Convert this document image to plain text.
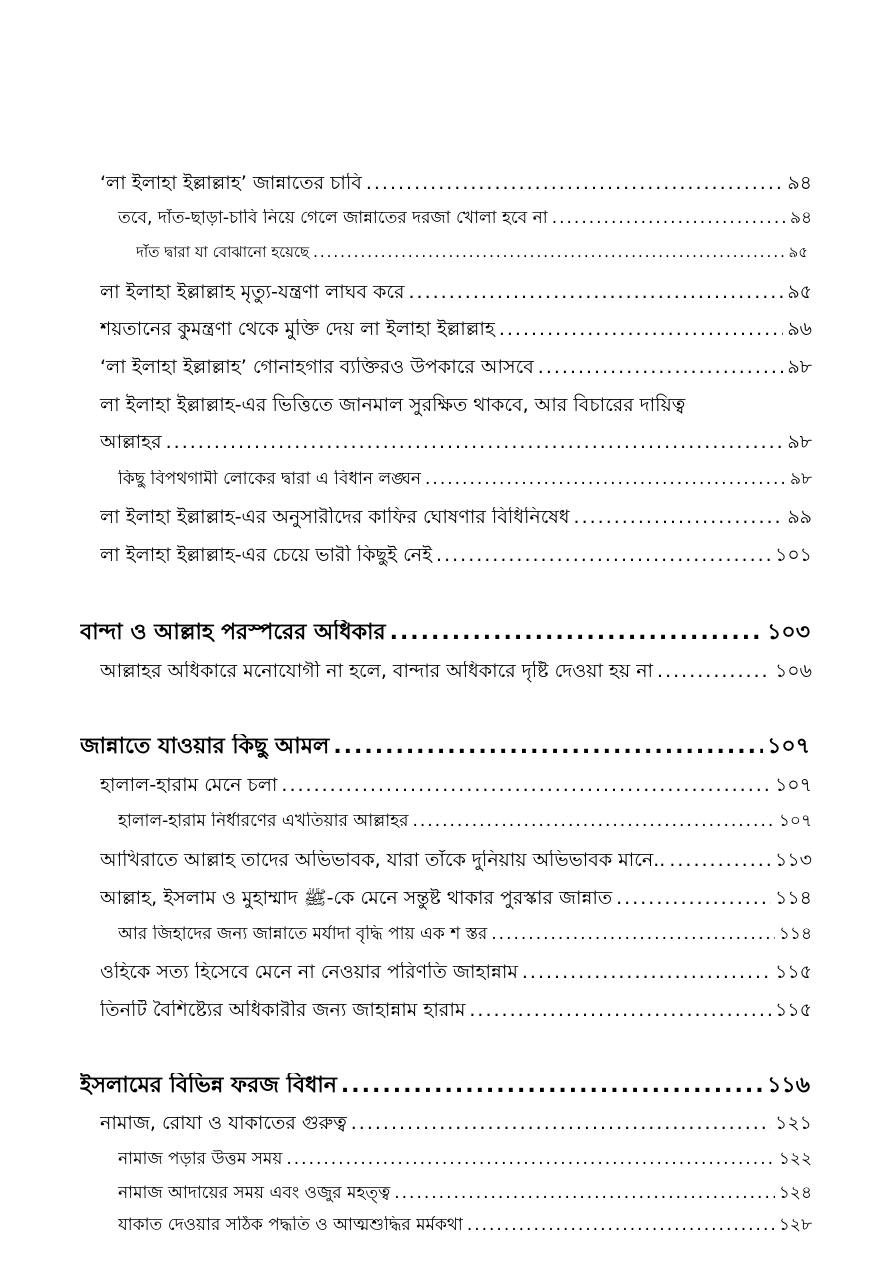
‘লা ইলাহা ইল্লাল্লাহ’ জান্নাতের চাবি .....	৯৪
তবে, দাঁত-ছাড়া-চাবি নিয়ে গেলে জান্নাতের দরজা খোলা হবে না .....	৯৪
দাঁত দ্বারা যা বোঝানো হয়েছে .....	৯৫
লা ইলাহা ইল্লাল্লাহ মৃত্যু-যন্ত্রণা লাঘব করে .....	৯৫
শয়তানের কুমন্ত্রণা থেকে মুক্তি দেয় লা ইলাহা ইল্লাল্লাহ .....	৯৬
‘লা ইলাহা ইল্লাল্লাহ’ গোনাহগার ব্যক্তিরও উপকারে আসবে .....	৯৮
লা ইলাহা ইল্লাল্লাহ-এর ভিত্তিতে জানমাল সুরক্ষিত থাকবে, আর বিচারের দায়িত্ব
আল্লাহর .....	৯৮
কিছু বিপথগামী লোকের দ্বারা এ বিধান লঙ্ঘন .....	৯৮
লা ইলাহা ইল্লাল্লাহ-এর অনুসারীদের কাফির ঘোষণার বিধিনিষেধ .....	৯৯
লা ইলাহা ইল্লাল্লাহ-এর চেয়ে ভারী কিছুই নেই .....	১০১
বান্দা ও আল্লাহ পরস্পরের অধিকার .....	১০৩
আল্লাহর অধিকারে মনোযোগী না হলে, বান্দার অধিকারে দৃষ্টি দেওয়া হয় না .....	১০৬
জান্নাতে যাওয়ার কিছু আমল .....	১০৭
হালাল-হারাম মেনে চলা .....	১০৭
হালাল-হারাম নির্ধারণের এখতিয়ার আল্লাহর .....	১০৭
আখিরাতে আল্লাহ তাদের অভিভাবক, যারা তাঁকে দুনিয়ায় অভিভাবক মানে.. .....	১১৩
আল্লাহ, ইসলাম ও মুহাম্মাদ ﷺ-কে মেনে সন্তুষ্ট থাকার পুরস্কার জান্নাত .....	১১৪
আর জিহাদের জন্য জান্নাতে মর্যাদা বৃদ্ধি পায় এক শ স্তর .....	১১৪
ওহিকে সত্য হিসেবে মেনে না নেওয়ার পরিণতি জাহান্নাম .....	১১৫
তিনটি বৈশিষ্ট্যের অধিকারীর জন্য জাহান্নাম হারাম .....	১১৫
ইসলামের বিভিন্ন ফরজ বিধান .....	১১৬
নামাজ, রোযা ও যাকাতের গুরুত্ব .....	১২১
নামাজ পড়ার উত্তম সময় .....	১২২
নামাজ আদায়ের সময় এবং ওজুর মহত্ত্ব .....	১২৪
যাকাত দেওয়ার সঠিক পদ্ধতি ও আত্মশুদ্ধির মর্মকথা .....	১২৮
